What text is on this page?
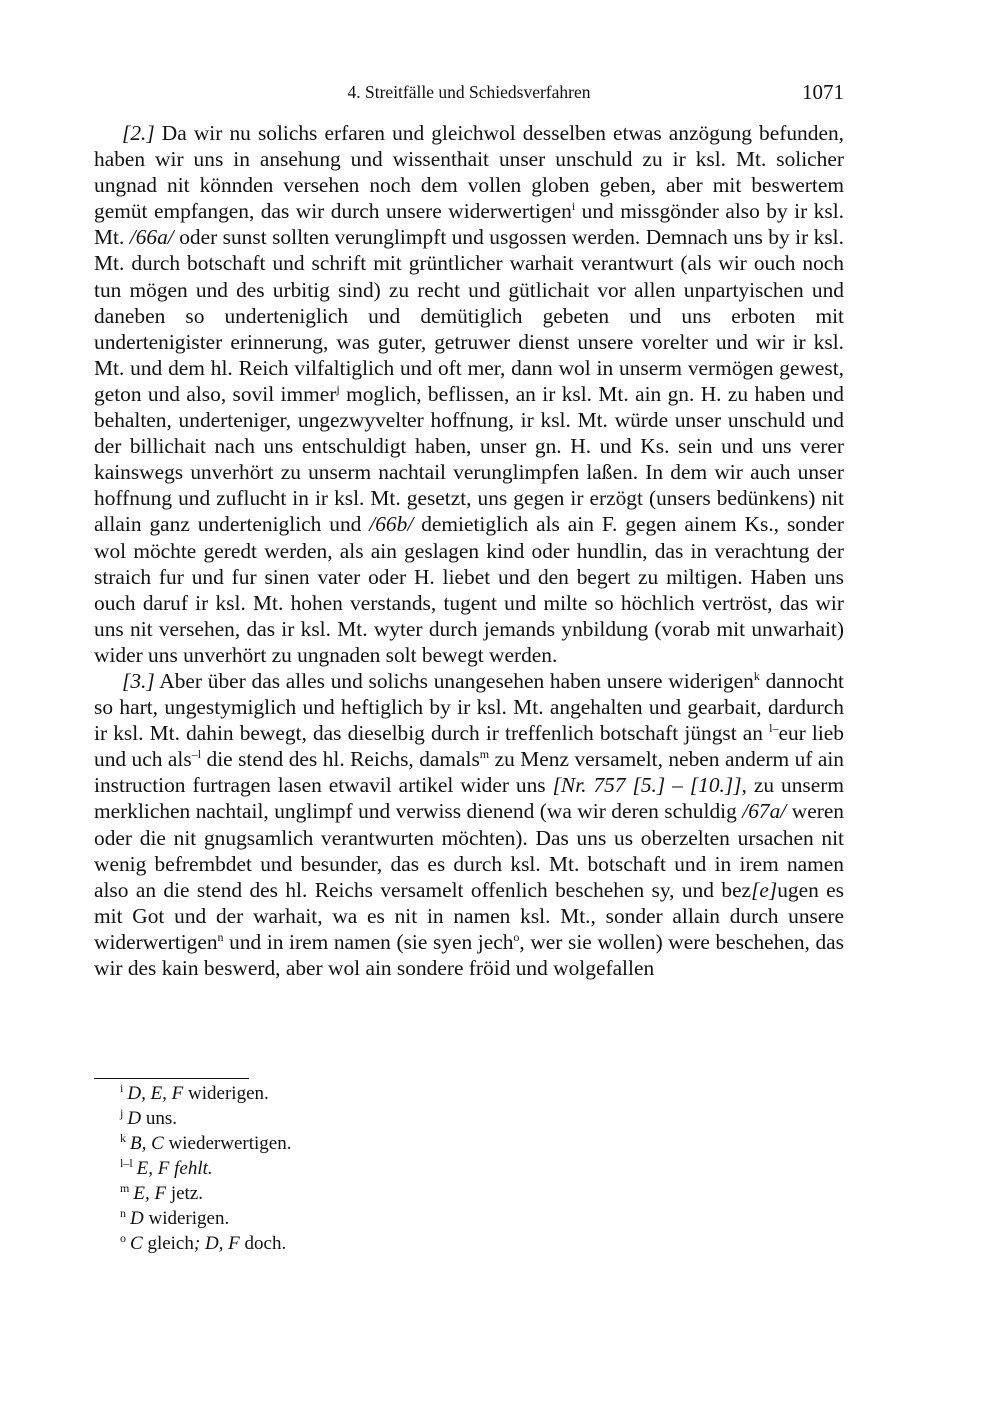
4. Streitfälle und Schiedsverfahren	1071

[2.] Da wir nu solichs erfaren und gleichwol desselben etwas anzögung befunden, haben wir uns in ansehung und wissenthait unser unschuld zu ir ksl. Mt. solicher ungnad nit könnden versehen noch dem vollen globen geben, aber mit beswertem gemüt empfangen, das wir durch unsere widerwertigen$^i$ und missgönder also by ir ksl. Mt. /66a/ oder sunst sollten verunglimpft und usgossen werden. Demnach uns by ir ksl. Mt. durch botschaft und schrift mit grüntlicher warhait verantwurt (als wir ouch noch tun mögen und des urbitig sind) zu recht und gütlichait vor allen unpartyischen und daneben so underteniglich und demütiglich gebeten und uns erboten mit undertenigister erinnerung, was guter, getruwer dienst unsere vorelter und wir ir ksl. Mt. und dem hl. Reich vilfaltiglich und oft mer, dann wol in unserm vermögen gewest, geton und also, sovil immer$^j$ moglich, beflissen, an ir ksl. Mt. ain gn. H. zu haben und behalten, underteniger, ungezwyvelter hoffnung, ir ksl. Mt. würde unser unschuld und der billichait nach uns entschuldigt haben, unser gn. H. und Ks. sein und uns verer kainswegs unverhört zu unserm nachtail verunglimpfen laßen. In dem wir auch unser hoffnung und zuflucht in ir ksl. Mt. gesetzt, uns gegen ir erzögt (unsers bedünkens) nit allain ganz underteniglich und /66b/ demietiglich als ain F. gegen ainem Ks., sonder wol möchte geredt werden, als ain geslagen kind oder hundlin, das in verachtung der straich fur und fur sinen vater oder H. liebet und den begert zu miltigen. Haben uns ouch daruf ir ksl. Mt. hohen verstands, tugent und milte so höchlich vertröst, das wir uns nit versehen, das ir ksl. Mt. wyter durch jemands ynbildung (vorab mit unwarhait) wider uns unverhört zu ungnaden solt bewegt werden.

[3.] Aber über das alles und solichs unangesehen haben unsere widerigen$^k$ dannocht so hart, ungestymiglich und heftiglich by ir ksl. Mt. angehalten und gearbait, dardurch ir ksl. Mt. dahin bewegt, das dieselbig durch ir treffenlich botschaft jüngst an $^{l-}$eur lieb und uch als$^{-l}$ die stend des hl. Reichs, damals$^m$ zu Menz versamelt, neben anderm uf ain instruction furtragen lasen etwavil artikel wider uns [Nr. 757 [5.] – [10.]], zu unserm merklichen nachtail, unglimpf und verwiss dienend (wa wir deren schuldig /67a/ weren oder die nit gnugsamlich verantwurten möchten). Das uns us oberzelten ursachen nit wenig befrembdet und besunder, das es durch ksl. Mt. botschaft und in irem namen also an die stend des hl. Reichs versamelt offenlich beschehen sy, und bez[e]ugen es mit Got und der warhait, wa es nit in namen ksl. Mt., sonder allain durch unsere widerwertigen$^n$ und in irem namen (sie syen jech$^o$, wer sie wollen) were beschehen, das wir des kain beswerd, aber wol ain sondere fröid und wolgefallen

$^i$ D, E, F widerigen.
$^j$ D uns.
$^k$ B, C wiederwertigen.
$^{l-l}$ E, F fehlt.
$^m$ E, F jetz.
$^n$ D widerigen.
$^o$ C gleich; D, F doch.
